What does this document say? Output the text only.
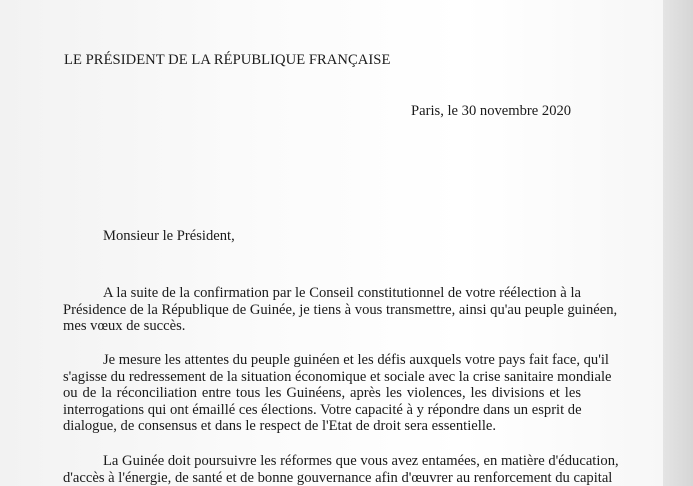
LE PRÉSIDENT DE LA RÉPUBLIQUE FRANÇAISE
Paris, le 30 novembre 2020
Monsieur le Président,
A la suite de la confirmation par le Conseil constitutionnel de votre réélection à la
Présidence de la République de Guinée, je tiens à vous transmettre, ainsi qu'au peuple guinéen,
mes vœux de succès.
Je mesure les attentes du peuple guinéen et les défis auxquels votre pays fait face, qu'il
s'agisse du redressement de la situation économique et sociale avec la crise sanitaire mondiale
ou de la réconciliation entre tous les Guinéens, après les violences, les divisions et les
interrogations qui ont émaillé ces élections. Votre capacité à y répondre dans un esprit de
dialogue, de consensus et dans le respect de l'Etat de droit sera essentielle.
La Guinée doit poursuivre les réformes que vous avez entamées, en matière d'éducation,
d'accès à l'énergie, de santé et de bonne gouvernance afin d'œuvrer au renforcement du capital
